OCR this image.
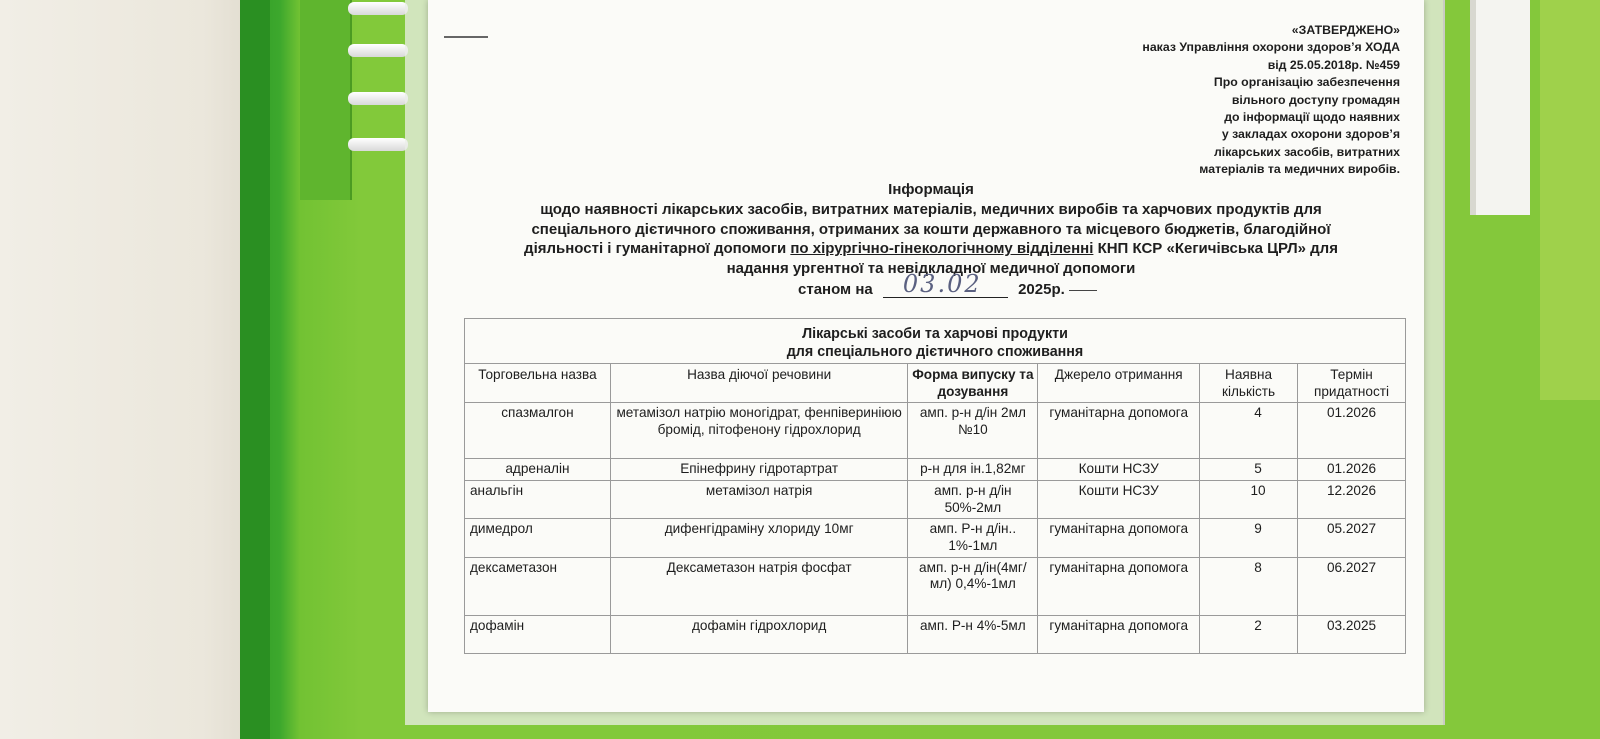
«ЗАТВЕРДЖЕНО»
наказ Управління охорони здоров’я ХОДА
від 25.05.2018р. №459
Про організацію забезпечення
вільного доступу громадян
до інформації щодо наявних
у закладах охорони здоров’я
лікарських засобів, витратних
матеріалів та медичних виробів.
Інформація
щодо наявності лікарських засобів, витратних матеріалів, медичних виробів та харчових продуктів для
спеціального дієтичного споживання, отриманих за кошти державного та місцевого бюджетів, благодійної
діяльності і гуманітарної допомоги по хірургічно-гінекологічному відділенні КНП КСР «Кегичівська ЦРЛ» для
надання ургентної та невідкладної медичної допомоги
станом на 03.02 2025р.
Лікарські засоби та харчові продукти
для спеціального дієтичного споживання					

Торговельна назва	Назва діючої речовини	Форма випуску та дозування	Джерело отримання	Наявна кількість	Термін придатності
спазмалгон	метамізол натрію моногідрат, фенпівериніюю бромід, пітофенону гідрохлорид	амп. р-н д/ін 2мл №10	гуманітарна допомога	4	01.2026
адреналін	Епінефрину гідротартрат	р-н для ін.1,82мг	Кошти НСЗУ	5	01.2026
анальгін	метамізол натрія	амп. р-н д/ін 50%-2мл	Кошти НСЗУ	10	12.2026
димедрол	дифенгідраміну хлориду 10мг	амп. Р-н д/ін.. 1%-1мл	гуманітарна допомога	9	05.2027
дексаметазон	Дексаметазон натрія фосфат	амп. р-н д/ін(4мг/мл) 0,4%-1мл	гуманітарна допомога	8	06.2027
дофамін	дофамін гідрохлорид	амп. Р-н 4%-5мл	гуманітарна допомога	2	03.2025
